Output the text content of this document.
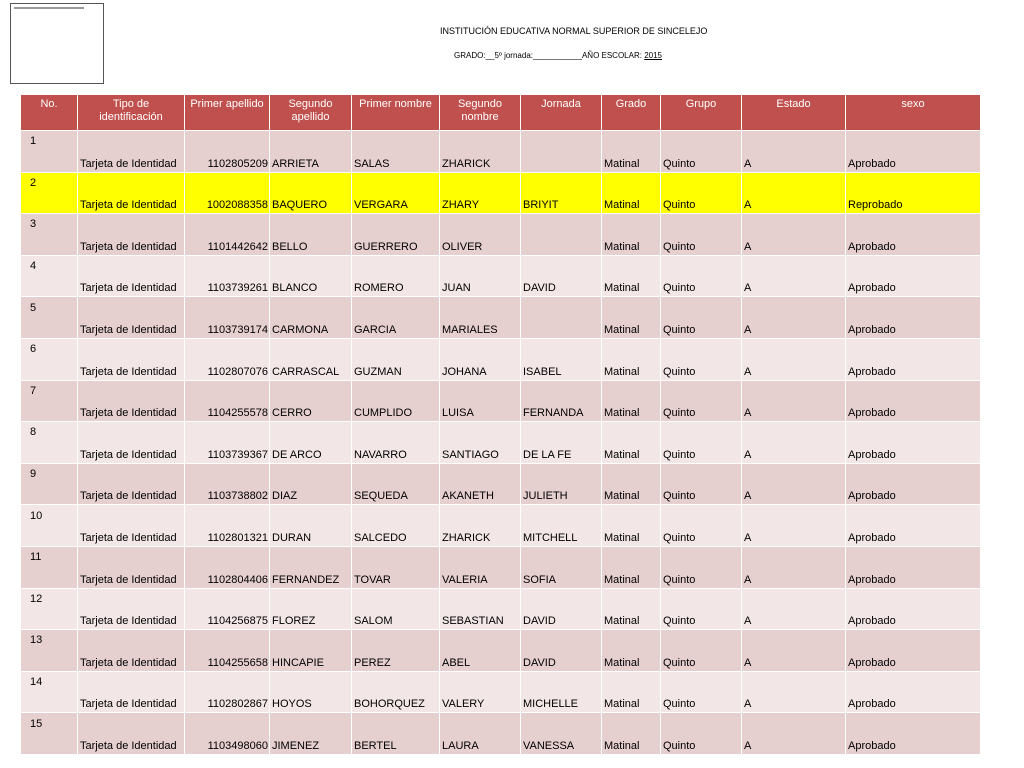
INSTITUCIÓN EDUCATIVA NORMAL SUPERIOR DE SINCELEJO
GRADO:__5º jornada:___________AÑO ESCOLAR: 2015
No.	Tipo de identificación	Primer apellido	Segundo apellido	Primer nombre	Segundo nombre	Jornada	Grado	Grupo	Estado	sexo
1	Tarjeta de Identidad	1102805209	ARRIETA	SALAS	ZHARICK		Matinal	Quinto	A	Aprobado
2	Tarjeta de Identidad	1002088358	BAQUERO	VERGARA	ZHARY	BRIYIT	Matinal	Quinto	A	Reprobado
3	Tarjeta de Identidad	1101442642	BELLO	GUERRERO	OLIVER		Matinal	Quinto	A	Aprobado
4	Tarjeta de Identidad	1103739261	BLANCO	ROMERO	JUAN	DAVID	Matinal	Quinto	A	Aprobado
5	Tarjeta de Identidad	1103739174	CARMONA	GARCIA	MARIALES		Matinal	Quinto	A	Aprobado
6	Tarjeta de Identidad	1102807076	CARRASCAL	GUZMAN	JOHANA	ISABEL	Matinal	Quinto	A	Aprobado
7	Tarjeta de Identidad	1104255578	CERRO	CUMPLIDO	LUISA	FERNANDA	Matinal	Quinto	A	Aprobado
8	Tarjeta de Identidad	1103739367	DE ARCO	NAVARRO	SANTIAGO	DE LA FE	Matinal	Quinto	A	Aprobado
9	Tarjeta de Identidad	1103738802	DIAZ	SEQUEDA	AKANETH	JULIETH	Matinal	Quinto	A	Aprobado
10	Tarjeta de Identidad	1102801321	DURAN	SALCEDO	ZHARICK	MITCHELL	Matinal	Quinto	A	Aprobado
11	Tarjeta de Identidad	1102804406	FERNANDEZ	TOVAR	VALERIA	SOFIA	Matinal	Quinto	A	Aprobado
12	Tarjeta de Identidad	1104256875	FLOREZ	SALOM	SEBASTIAN	DAVID	Matinal	Quinto	A	Aprobado
13	Tarjeta de Identidad	1104255658	HINCAPIE	PEREZ	ABEL	DAVID	Matinal	Quinto	A	Aprobado
14	Tarjeta de Identidad	1102802867	HOYOS	BOHORQUEZ	VALERY	MICHELLE	Matinal	Quinto	A	Aprobado
15	Tarjeta de Identidad	1103498060	JIMENEZ	BERTEL	LAURA	VANESSA	Matinal	Quinto	A	Aprobado
